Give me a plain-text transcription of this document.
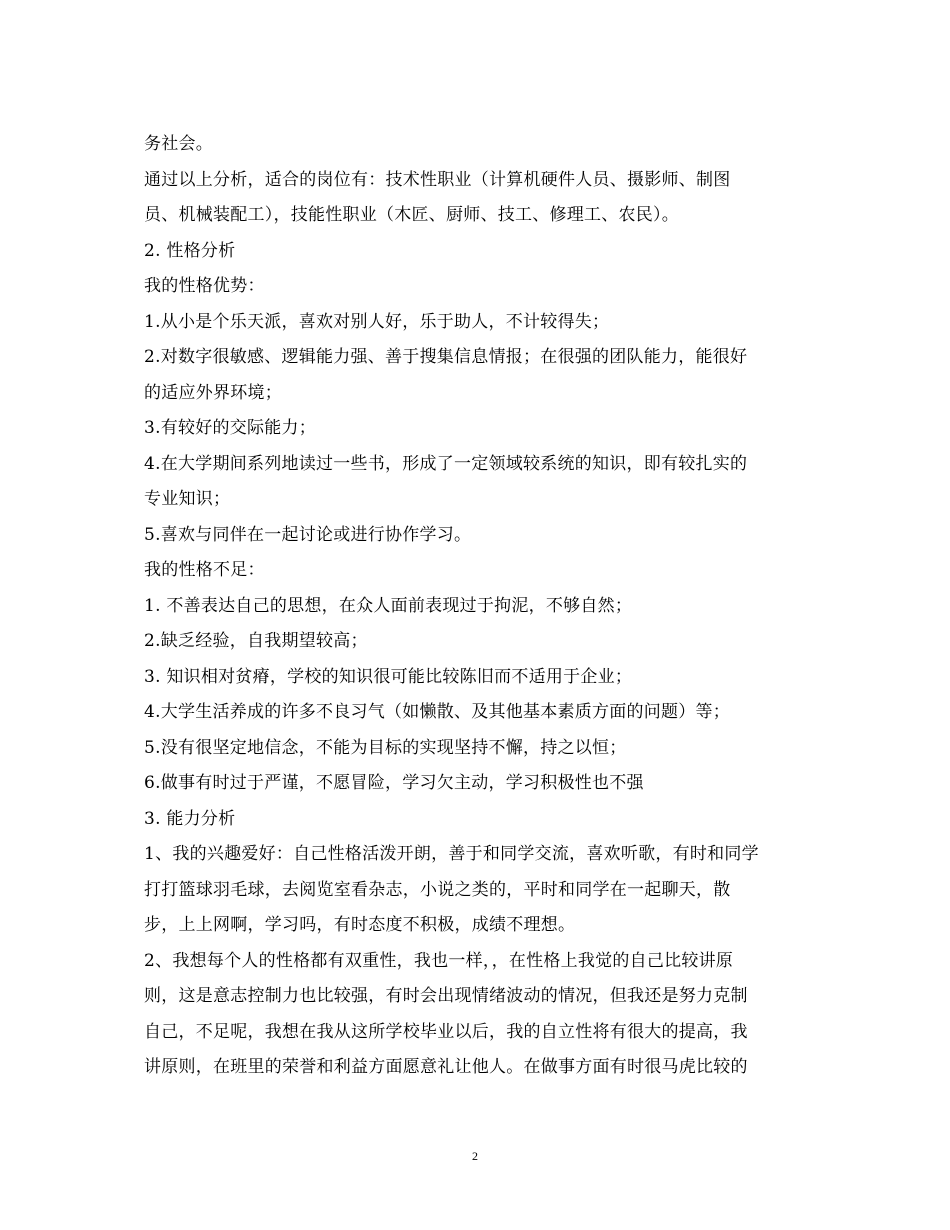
务社会。
通过以上分析，适合的岗位有：技术性职业（计算机硬件人员、摄影师、制图
员、机械装配工），技能性职业（木匠、厨师、技工、修理工、农民）。
2. 性格分析
我的性格优势：
1.从小是个乐天派，喜欢对别人好，乐于助人，不计较得失；
2.对数字很敏感、逻辑能力强、善于搜集信息情报；在很强的团队能力，能很好
的适应外界环境；
3.有较好的交际能力；
4.在大学期间系列地读过一些书，形成了一定领域较系统的知识，即有较扎实的
专业知识；
5.喜欢与同伴在一起讨论或进行协作学习。
我的性格不足：
1. 不善表达自己的思想，在众人面前表现过于拘泥，不够自然；
2.缺乏经验，自我期望较高；
3. 知识相对贫瘠，学校的知识很可能比较陈旧而不适用于企业；
4.大学生活养成的许多不良习气（如懒散、及其他基本素质方面的问题）等；
5.没有很坚定地信念，不能为目标的实现坚持不懈，持之以恒；
6.做事有时过于严谨，不愿冒险，学习欠主动，学习积极性也不强
3. 能力分析
1、我的兴趣爱好：自己性格活泼开朗，善于和同学交流，喜欢听歌，有时和同学
打打篮球羽毛球，去阅览室看杂志，小说之类的，平时和同学在一起聊天，散
步，上上网啊，学习吗，有时态度不积极，成绩不理想。
2、我想每个人的性格都有双重性，我也一样，，在性格上我觉的自己比较讲原
则，这是意志控制力也比较强，有时会出现情绪波动的情况，但我还是努力克制
自己，不足呢，我想在我从这所学校毕业以后，我的自立性将有很大的提高，我
讲原则，在班里的荣誉和利益方面愿意礼让他人。在做事方面有时很马虎比较的
2
